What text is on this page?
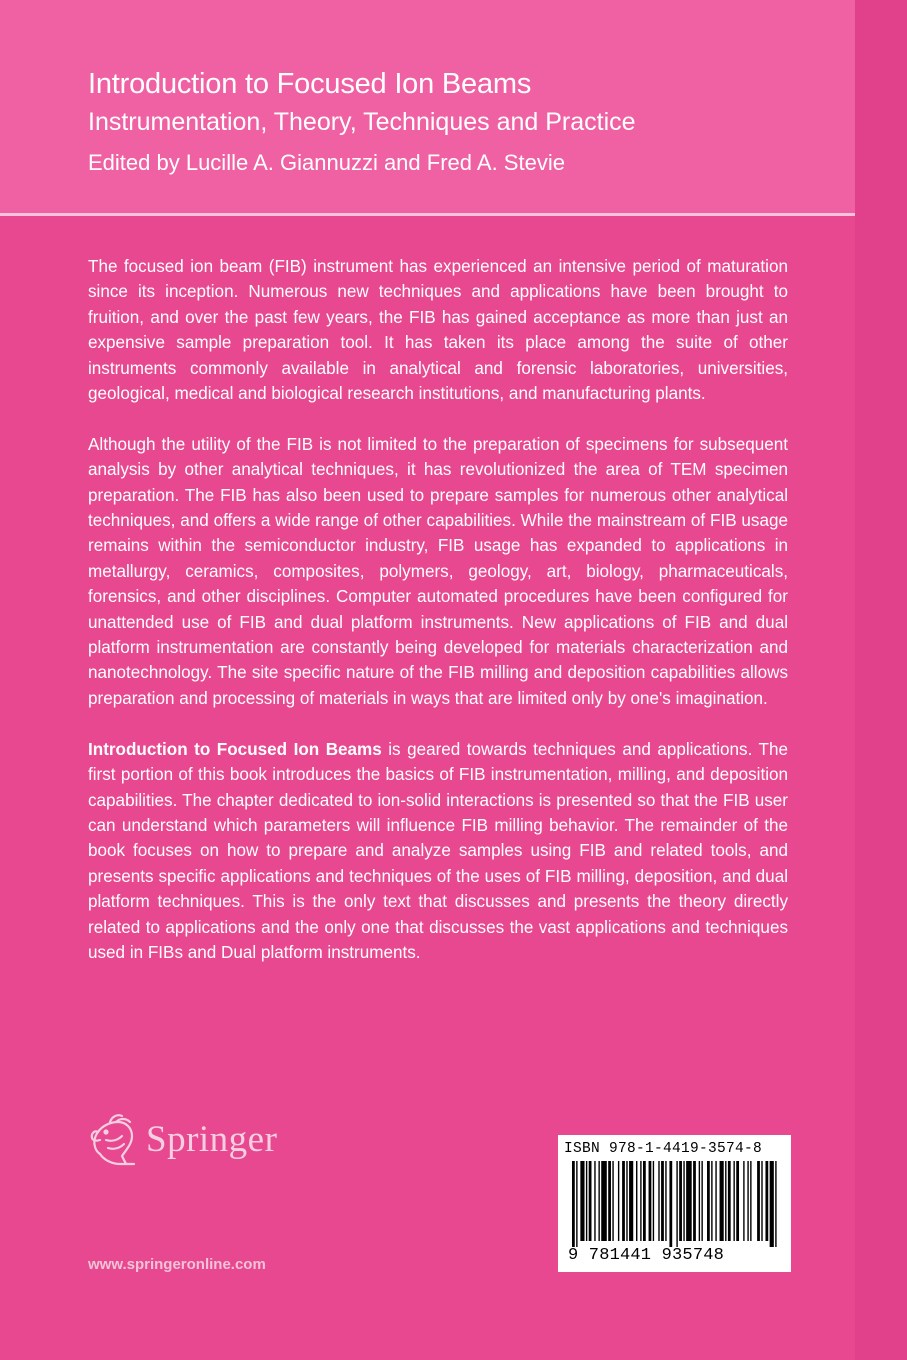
Introduction to Focused Ion Beams
Instrumentation, Theory, Techniques and Practice
Edited by Lucille A. Giannuzzi and Fred A. Stevie

The focused ion beam (FIB) instrument has experienced an intensive period of maturation since its inception. Numerous new techniques and applications have been brought to fruition, and over the past few years, the FIB has gained acceptance as more than just an expensive sample preparation tool. It has taken its place among the suite of other instruments commonly available in analytical and forensic laboratories, universities, geological, medical and biological research institutions, and manufacturing plants.

Although the utility of the FIB is not limited to the preparation of specimens for subsequent analysis by other analytical techniques, it has revolutionized the area of TEM specimen preparation. The FIB has also been used to prepare samples for numerous other analytical techniques, and offers a wide range of other capabilities. While the mainstream of FIB usage remains within the semiconductor industry, FIB usage has expanded to applications in metallurgy, ceramics, composites, polymers, geology, art, biology, pharmaceuticals, forensics, and other disciplines. Computer automated procedures have been configured for unattended use of FIB and dual platform instruments. New applications of FIB and dual platform instrumentation are constantly being developed for materials characterization and nanotechnology. The site specific nature of the FIB milling and deposition capabilities allows preparation and processing of materials in ways that are limited only by one's imagination.

Introduction to Focused Ion Beams is geared towards techniques and applications. The first portion of this book introduces the basics of FIB instrumentation, milling, and deposition capabilities. The chapter dedicated to ion-solid interactions is presented so that the FIB user can understand which parameters will influence FIB milling behavior. The remainder of the book focuses on how to prepare and analyze samples using FIB and related tools, and presents specific applications and techniques of the uses of FIB milling, deposition, and dual platform techniques. This is the only text that discusses and presents the theory directly related to applications and the only one that discusses the vast applications and techniques used in FIBs and Dual platform instruments.

Springer
www.springeronline.com
ISBN 978-1-4419-3574-8
9 781441 935748
